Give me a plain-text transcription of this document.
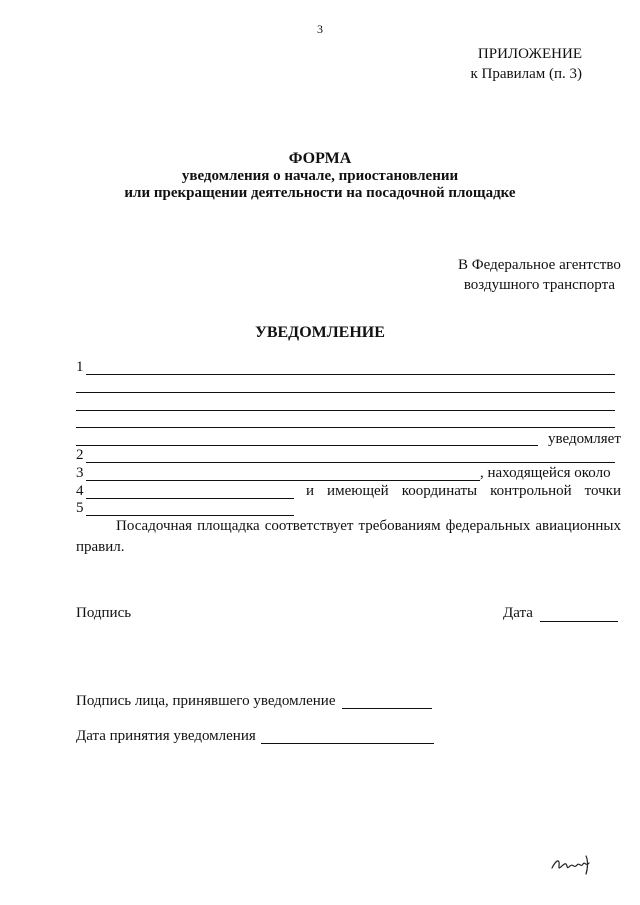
3
ПРИЛОЖЕНИЕ
к Правилам (п. 3)
ФОРМА
уведомления о начале, приостановлении
или прекращении деятельности на посадочной площадке
В Федеральное агентство
воздушного транспорта
УВЕДОМЛЕНИЕ
1
уведомляет
2
3	, находящейся около
4	и имеющей координаты контрольной точки
5
Посадочная площадка соответствует требованиям федеральных авиационных правил.
Подпись	Дата
Подпись лица, принявшего уведомление
Дата принятия уведомления
